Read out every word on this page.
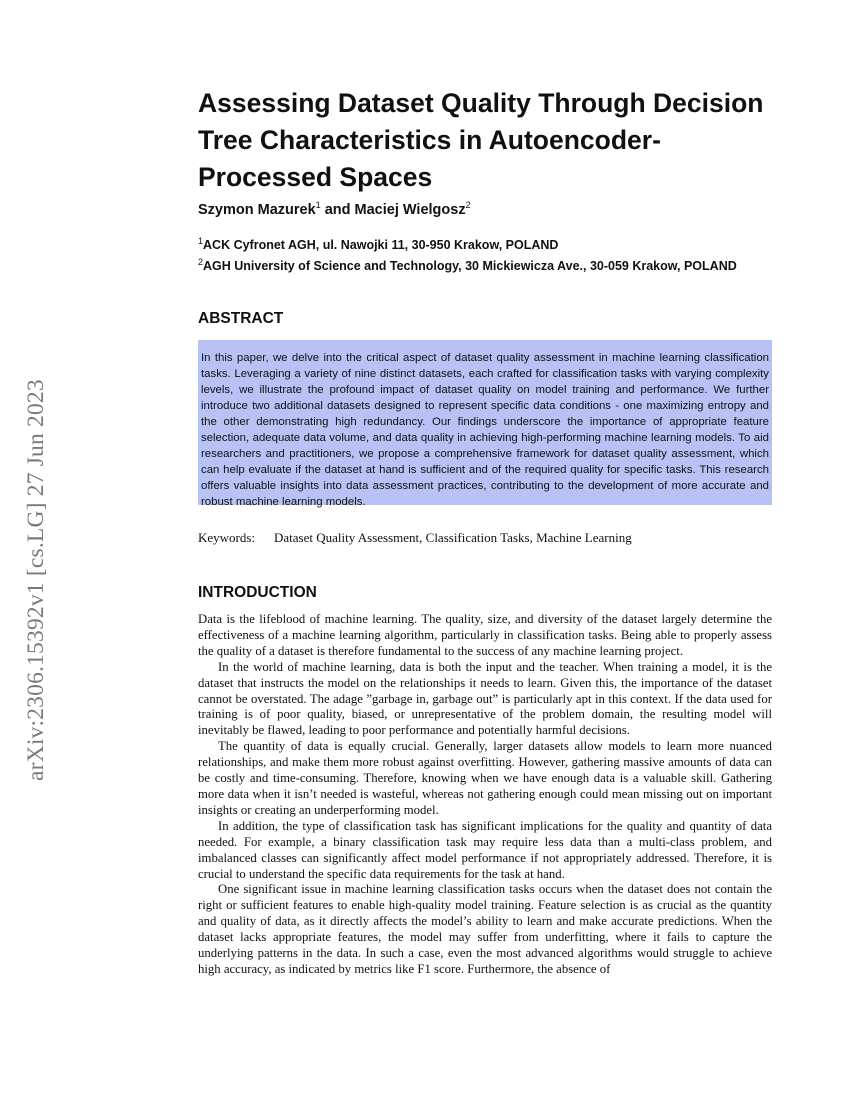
arXiv:2306.15392v1 [cs.LG] 27 Jun 2023
Assessing Dataset Quality Through Decision Tree Characteristics in Autoencoder-Processed Spaces

Szymon Mazurek$^1$ and Maciej Wielgosz$^2$

$^1$ACK Cyfronet AGH, ul. Nawojki 11, 30-950 Krakow, POLAND

$^2$AGH University of Science and Technology, 30 Mickiewicza Ave., 30-059 Krakow, POLAND

ABSTRACT

In this paper, we delve into the critical aspect of dataset quality assessment in machine learning classification tasks. Leveraging a variety of nine distinct datasets, each crafted for classification tasks with varying complexity levels, we illustrate the profound impact of dataset quality on model training and performance. We further introduce two additional datasets designed to represent specific data conditions - one maximizing entropy and the other demonstrating high redundancy. Our findings underscore the importance of appropriate feature selection, adequate data volume, and data quality in achieving high-performing machine learning models. To aid researchers and practitioners, we propose a comprehensive framework for dataset quality assessment, which can help evaluate if the dataset at hand is sufficient and of the required quality for specific tasks. This research offers valuable insights into data assessment practices, contributing to the development of more accurate and robust machine learning models.

Keywords: Dataset Quality Assessment, Classification Tasks, Machine Learning

INTRODUCTION

Data is the lifeblood of machine learning. The quality, size, and diversity of the dataset largely determine the effectiveness of a machine learning algorithm, particularly in classification tasks. Being able to properly assess the quality of a dataset is therefore fundamental to the success of any machine learning project.

In the world of machine learning, data is both the input and the teacher. When training a model, it is the dataset that instructs the model on the relationships it needs to learn. Given this, the importance of the dataset cannot be overstated. The adage ”garbage in, garbage out” is particularly apt in this context. If the data used for training is of poor quality, biased, or unrepresentative of the problem domain, the resulting model will inevitably be flawed, leading to poor performance and potentially harmful decisions.

The quantity of data is equally crucial. Generally, larger datasets allow models to learn more nuanced relationships, and make them more robust against overfitting. However, gathering massive amounts of data can be costly and time-consuming. Therefore, knowing when we have enough data is a valuable skill. Gathering more data when it isn’t needed is wasteful, whereas not gathering enough could mean missing out on important insights or creating an underperforming model.

In addition, the type of classification task has significant implications for the quality and quantity of data needed. For example, a binary classification task may require less data than a multi-class problem, and imbalanced classes can significantly affect model performance if not appropriately addressed. Therefore, it is crucial to understand the specific data requirements for the task at hand.

One significant issue in machine learning classification tasks occurs when the dataset does not contain the right or sufficient features to enable high-quality model training. Feature selection is as crucial as the quantity and quality of data, as it directly affects the model’s ability to learn and make accurate predictions. When the dataset lacks appropriate features, the model may suffer from underfitting, where it fails to capture the underlying patterns in the data. In such a case, even the most advanced algorithms would struggle to achieve high accuracy, as indicated by metrics like F1 score. Furthermore, the absence of
